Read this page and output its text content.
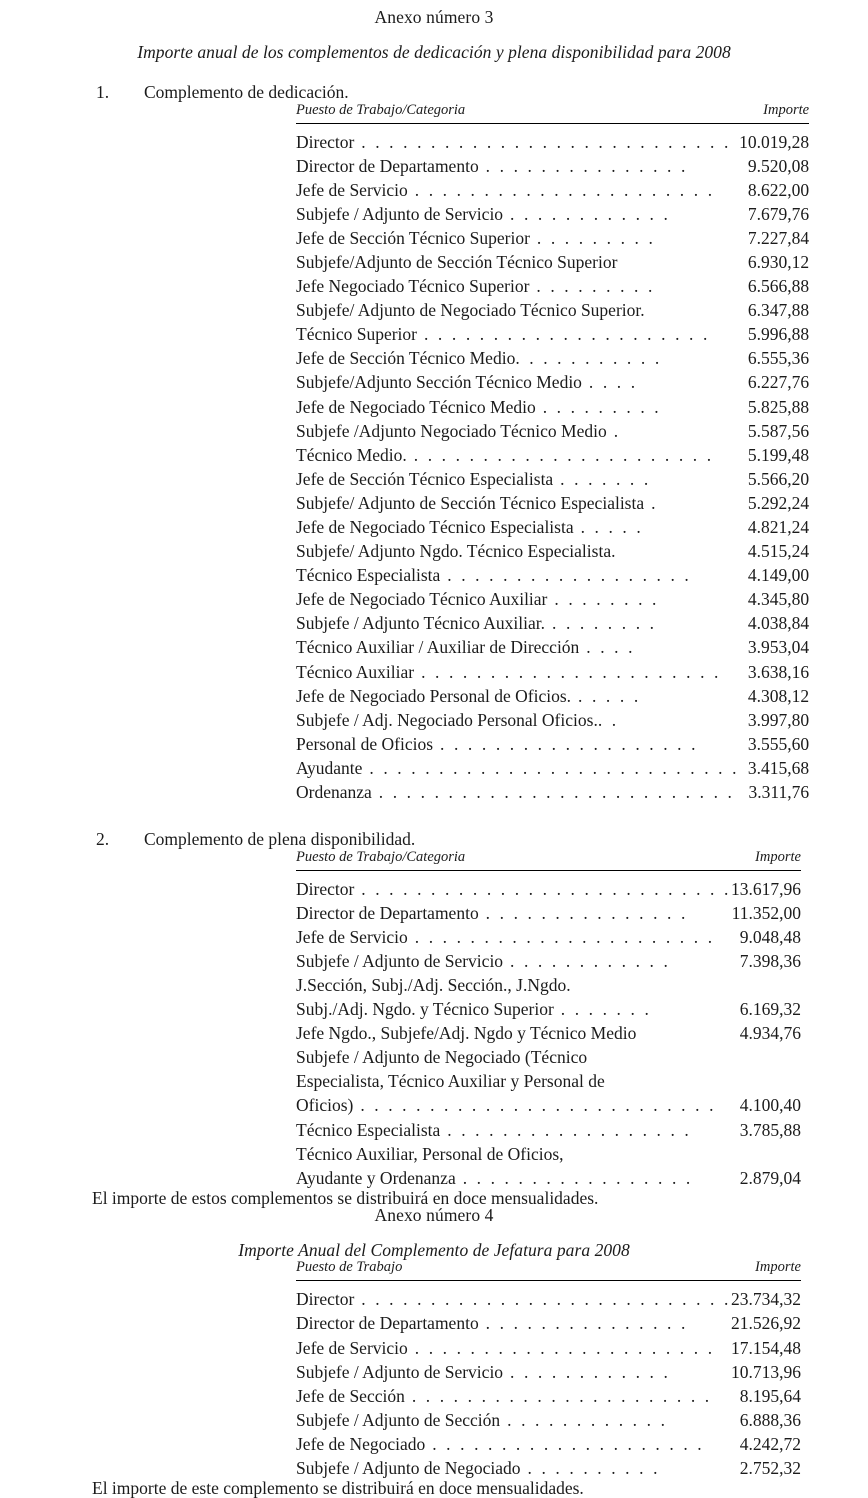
Anexo número 3
Importe anual de los complementos de dedicación y plena disponibilidad para 2008
1.	Complemento de dedicación.
Puesto de Trabajo/Categoria	Importe
Director . . . . . . . . . . . . . . . . . . . . . . . . . . .	10.019,28
Director de Departamento . . . . . . . . . . . . . . .	9.520,08
Jefe de Servicio . . . . . . . . . . . . . . . . . . . . . .	8.622,00
Subjefe / Adjunto de Servicio . . . . . . . . . . . .	7.679,76
Jefe de Sección Técnico Superior . . . . . . . . .	7.227,84
Subjefe/Adjunto de Sección Técnico Superior	6.930,12
Jefe Negociado Técnico Superior . . . . . . . . .	6.566,88
Subjefe/ Adjunto de Negociado Técnico Superior.	6.347,88
Técnico Superior . . . . . . . . . . . . . . . . . . . . .	5.996,88
Jefe de Sección Técnico Medio. . . . . . . . . . .	6.555,36
Subjefe/Adjunto Sección Técnico Medio . . . .	6.227,76
Jefe de Negociado Técnico Medio . . . . . . . . .	5.825,88
Subjefe /Adjunto Negociado Técnico Medio .	5.587,56
Técnico Medio. . . . . . . . . . . . . . . . . . . . . . .	5.199,48
Jefe de Sección Técnico Especialista . . . . . . .	5.566,20
Subjefe/ Adjunto de Sección Técnico Especialista .	5.292,24
Jefe de Negociado Técnico Especialista . . . . .	4.821,24
Subjefe/ Adjunto Ngdo. Técnico Especialista.	4.515,24
Técnico Especialista . . . . . . . . . . . . . . . . . .	4.149,00
Jefe de Negociado Técnico Auxiliar . . . . . . . .	4.345,80
Subjefe / Adjunto Técnico Auxiliar. . . . . . . . .	4.038,84
Técnico Auxiliar / Auxiliar de Dirección . . . .	3.953,04
Técnico Auxiliar . . . . . . . . . . . . . . . . . . . . . .	3.638,16
Jefe de Negociado Personal de Oficios. . . . . .	4.308,12
Subjefe / Adj. Negociado Personal Oficios.. .	3.997,80
Personal de Oficios . . . . . . . . . . . . . . . . . . .	3.555,60
Ayudante . . . . . . . . . . . . . . . . . . . . . . . . . . .	3.415,68
Ordenanza . . . . . . . . . . . . . . . . . . . . . . . . . .	3.311,76
2.	Complemento de plena disponibilidad.
Puesto de Trabajo/Categoria	Importe
Director . . . . . . . . . . . . . . . . . . . . . . . . . . .	13.617,96
Director de Departamento . . . . . . . . . . . . . . .	11.352,00
Jefe de Servicio . . . . . . . . . . . . . . . . . . . . . .	9.048,48
Subjefe / Adjunto de Servicio . . . . . . . . . . . .	7.398,36

J.Sección, Subj./Adj. Sección., J.Ngdo.
Subj./Adj. Ngdo. y Técnico Superior . . . . . . .	6.169,32
Jefe Ngdo., Subjefe/Adj. Ngdo y Técnico Medio	4.934,76

Subjefe / Adjunto de Negociado (Técnico
Especialista, Técnico Auxiliar y Personal de
Oficios) . . . . . . . . . . . . . . . . . . . . . . . . . .	4.100,40
Técnico Especialista . . . . . . . . . . . . . . . . . .	3.785,88

Técnico Auxiliar, Personal de Oficios,
Ayudante y Ordenanza . . . . . . . . . . . . . . . . .	2.879,04

El importe de estos complementos se distribuirá en doce mensualidades.

Anexo número 4
Importe Anual del Complemento de Jefatura para 2008
Puesto de Trabajo	Importe
Director . . . . . . . . . . . . . . . . . . . . . . . . . . .	23.734,32
Director de Departamento . . . . . . . . . . . . . . .	21.526,92
Jefe de Servicio . . . . . . . . . . . . . . . . . . . . . .	17.154,48
Subjefe / Adjunto de Servicio . . . . . . . . . . . .	10.713,96
Jefe de Sección . . . . . . . . . . . . . . . . . . . . . .	8.195,64
Subjefe / Adjunto de Sección . . . . . . . . . . . .	6.888,36
Jefe de Negociado . . . . . . . . . . . . . . . . . . . .	4.242,72
Subjefe / Adjunto de Negociado . . . . . . . . . .	2.752,32

El importe de este complemento se distribuirá en doce mensualidades.
